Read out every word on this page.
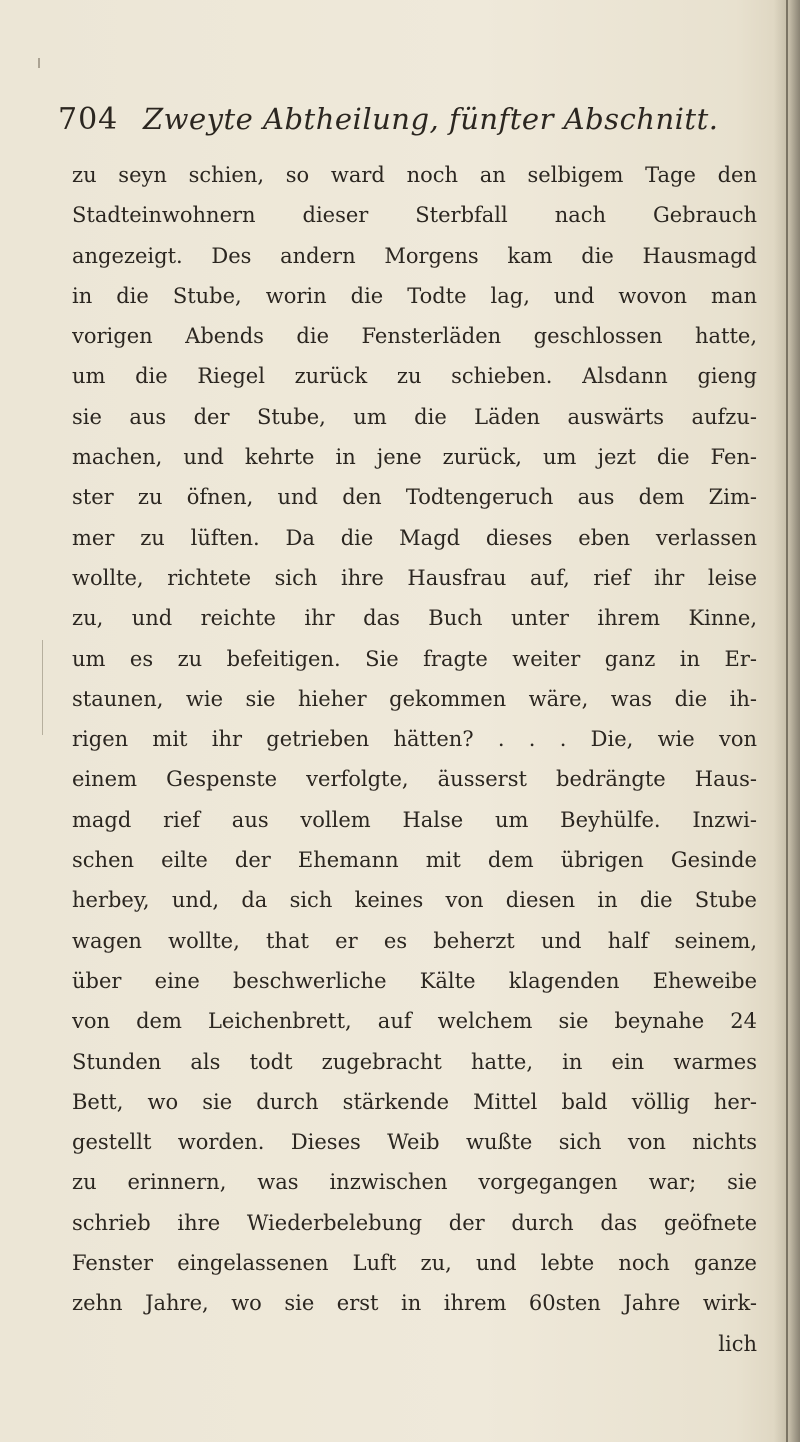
704 Zweyte Abtheilung, fünfter Abschnitt.
zu seyn schien, so ward noch an selbigem Tage den
Stadteinwohnern dieser Sterbfall nach Gebrauch
angezeigt. Des andern Morgens kam die Hausmagd
in die Stube, worin die Todte lag, und wovon man
vorigen Abends die Fensterläden geschlossen hatte,
um die Riegel zurück zu schieben. Alsdann gieng
sie aus der Stube, um die Läden auswärts aufzu-
machen, und kehrte in jene zurück, um jezt die Fen-
ster zu öfnen, und den Todtengeruch aus dem Zim-
mer zu lüften. Da die Magd dieses eben verlassen
wollte, richtete sich ihre Hausfrau auf, rief ihr leise
zu, und reichte ihr das Buch unter ihrem Kinne,
um es zu befeitigen. Sie fragte weiter ganz in Er-
staunen, wie sie hieher gekommen wäre, was die ih-
rigen mit ihr getrieben hätten? . . . Die, wie von
einem Gespenste verfolgte, äusserst bedrängte Haus-
magd rief aus vollem Halse um Beyhülfe. Inzwi-
schen eilte der Ehemann mit dem übrigen Gesinde
herbey, und, da sich keines von diesen in die Stube
wagen wollte, that er es beherzt und half seinem,
über eine beschwerliche Kälte klagenden Eheweibe
von dem Leichenbrett, auf welchem sie beynahe 24
Stunden als todt zugebracht hatte, in ein warmes
Bett, wo sie durch stärkende Mittel bald völlig her-
gestellt worden. Dieses Weib wußte sich von nichts
zu erinnern, was inzwischen vorgegangen war; sie
schrieb ihre Wiederbelebung der durch das geöfnete
Fenster eingelassenen Luft zu, und lebte noch ganze
zehn Jahre, wo sie erst in ihrem 60sten Jahre wirk-
lich
